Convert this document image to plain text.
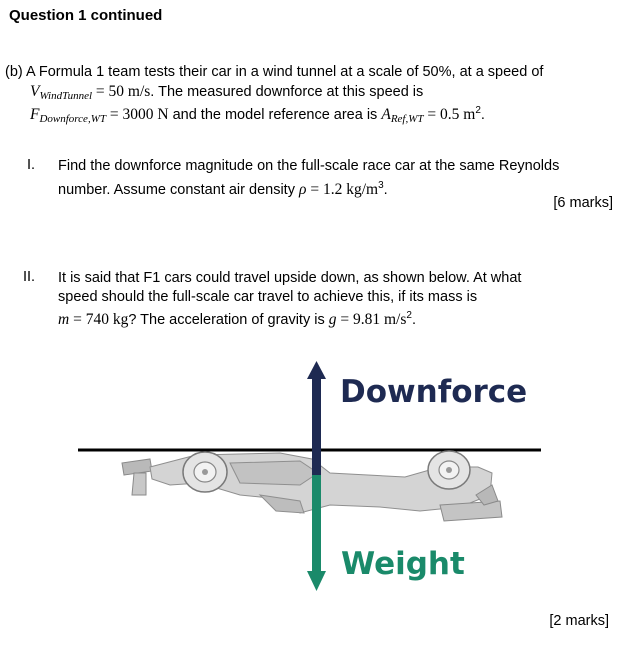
Question 1 continued
(b) A Formula 1 team tests their car in a wind tunnel at a scale of 50%, at a speed of
$V_{WindTunnel} = 50$ m/s. The measured downforce at this speed is
$F_{Downforce,WT} = 3000$ N and the model reference area is $A_{Ref,WT} = 0.5$ $m^2$.
I. Find the downforce magnitude on the full-scale race car at the same Reynolds
number. Assume constant air density ρ = 1.2 $kg/m^3$.
[6 marks]
II. It is said that F1 cars could travel upside down, as shown below. At what
speed should the full-scale car travel to achieve this, if its mass is
m = 740 kg? The acceleration of gravity is g = 9.81 $m/s^2$.
Downforce
Weight
[2 marks]
